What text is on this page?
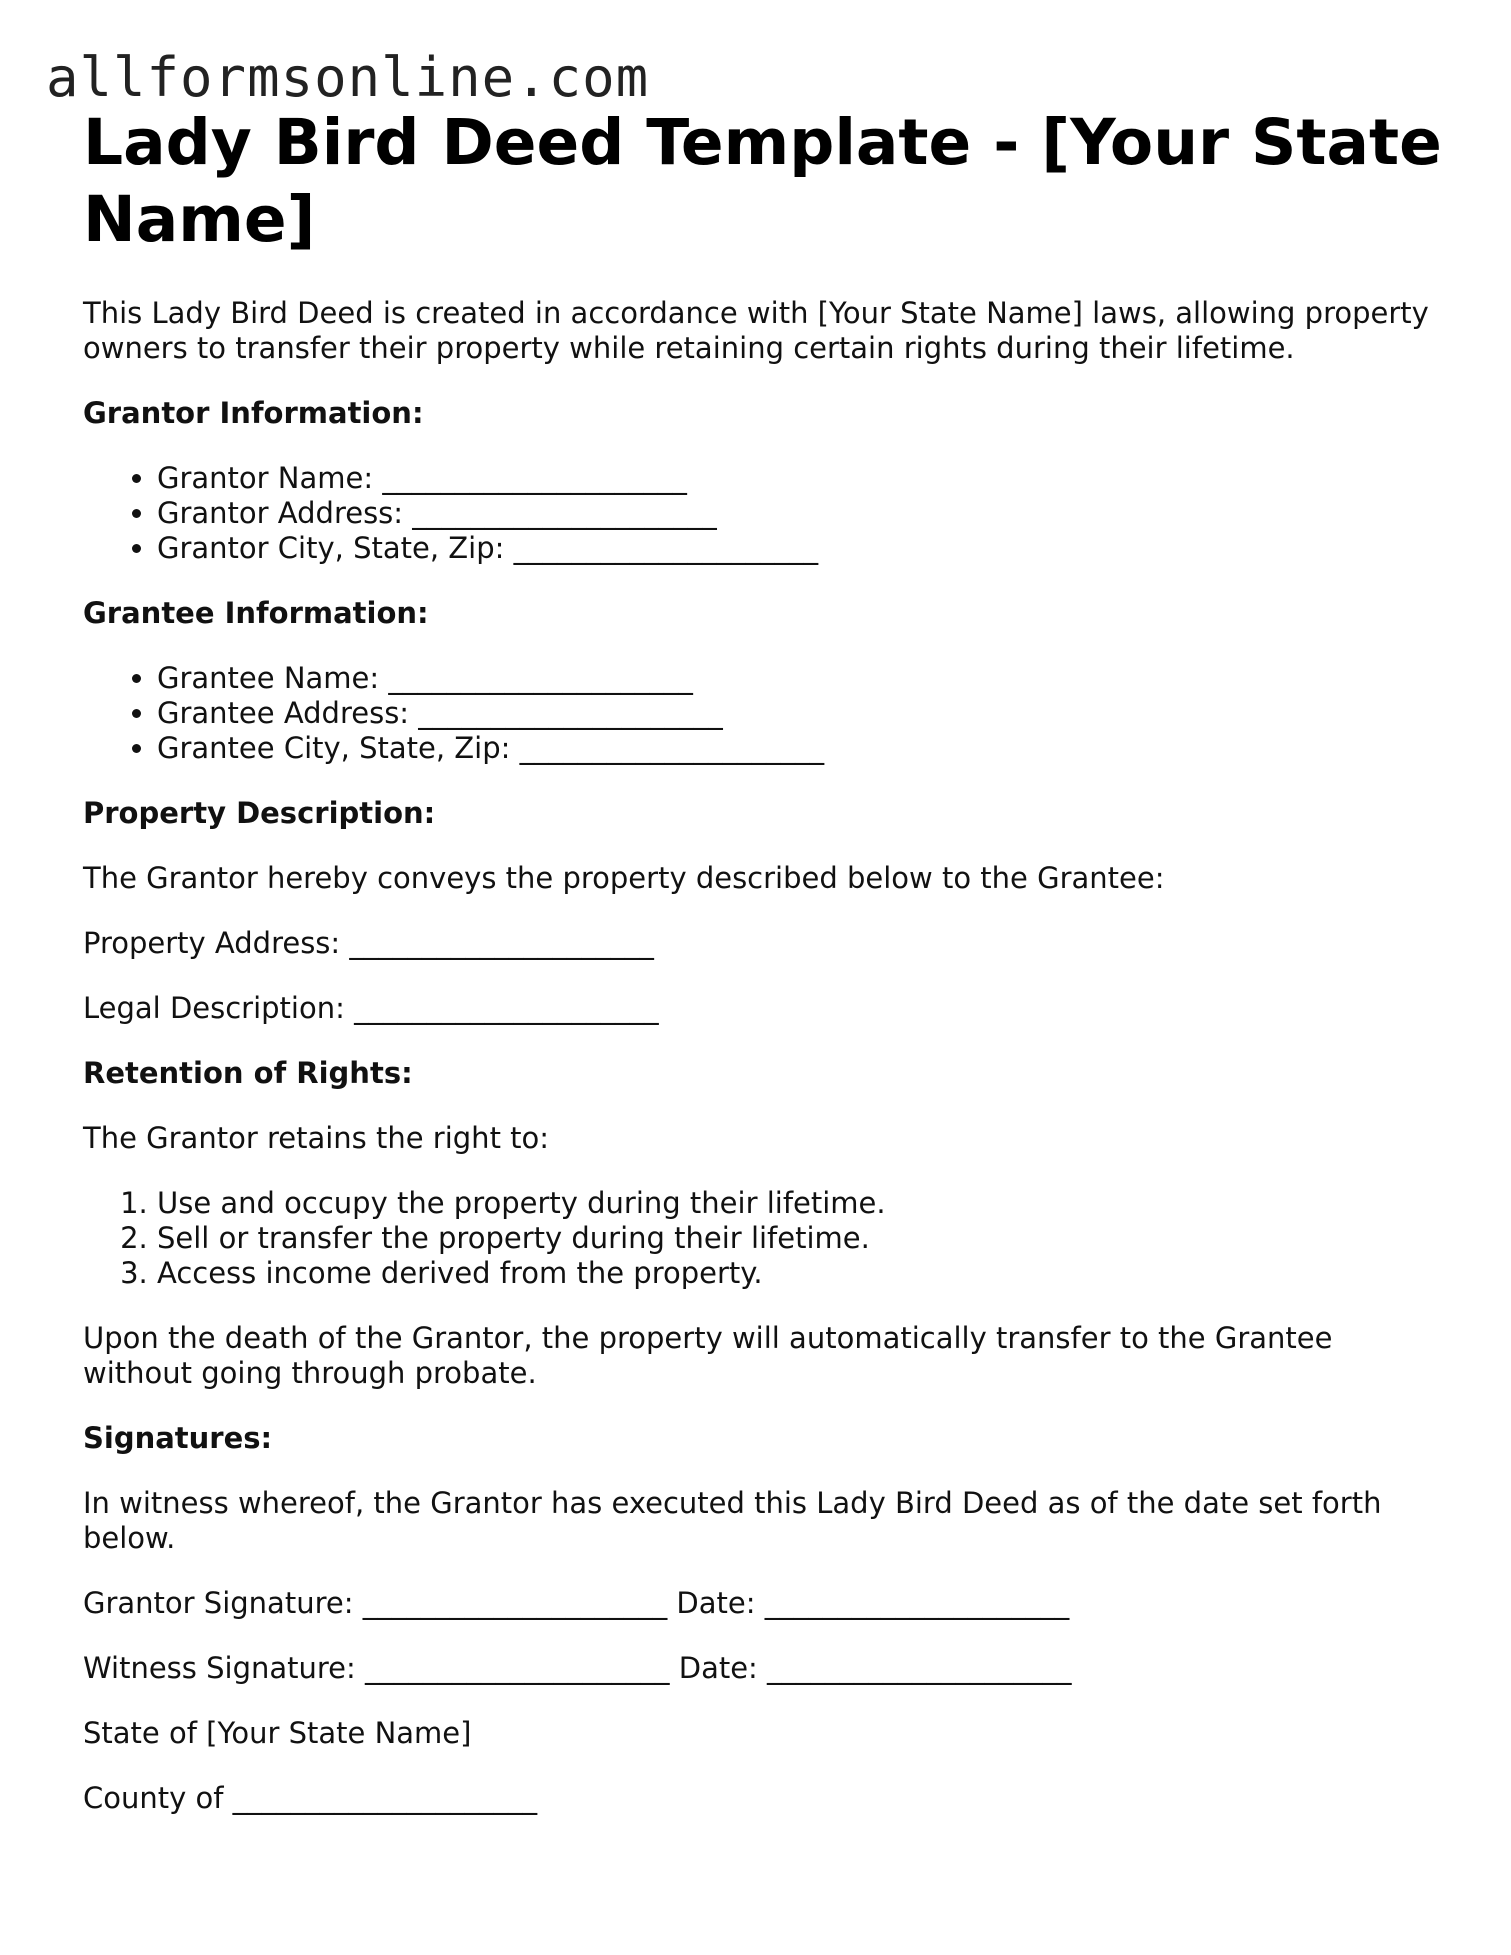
allformsonline.com
Lady Bird Deed Template - [Your State Name]

This Lady Bird Deed is created in accordance with [Your State Name] laws, allowing property owners to transfer their property while retaining certain rights during their lifetime.

Grantor Information:

• Grantor Name: _____________________
• Grantor Address: _____________________
• Grantor City, State, Zip: _____________________

Grantee Information:

• Grantee Name: _____________________
• Grantee Address: _____________________
• Grantee City, State, Zip: _____________________

Property Description:

The Grantor hereby conveys the property described below to the Grantee:

Property Address: _____________________

Legal Description: _____________________

Retention of Rights:

The Grantor retains the right to:

1. Use and occupy the property during their lifetime.
2. Sell or transfer the property during their lifetime.
3. Access income derived from the property.

Upon the death of the Grantor, the property will automatically transfer to the Grantee without going through probate.

Signatures:

In witness whereof, the Grantor has executed this Lady Bird Deed as of the date set forth below.

Grantor Signature: _____________________ Date: _____________________

Witness Signature: _____________________ Date: _____________________

State of [Your State Name]

County of _____________________
